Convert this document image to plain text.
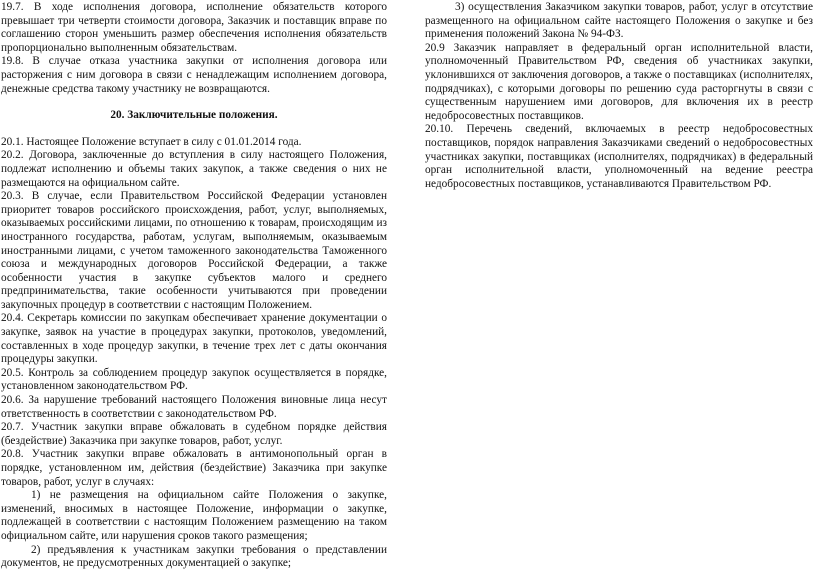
19.7. В ходе исполнения договора, исполнение обязательств которого превышает три четверти стоимости договора, Заказчик и поставщик вправе по соглашению сторон уменьшить размер обеспечения исполнения обязательств пропорционально выполненным обязательствам.

19.8. В случае отказа участника закупки от исполнения договора или расторжения с ним договора в связи с ненадлежащим исполнением договора, денежные средства такому участнику не возвращаются.

20. Заключительные положения.

20.1. Настоящее Положение вступает в силу с 01.01.2014 года.

20.2. Договора, заключенные до вступления в силу настоящего Положения, подлежат исполнению и объемы таких закупок, а также сведения о них не размещаются на официальном сайте.

20.3. В случае, если Правительством Российской Федерации установлен приоритет товаров российского происхождения, работ, услуг, выполняемых, оказываемых российскими лицами, по отношению к товарам, происходящим из иностранного государства, работам, услугам, выполняемым, оказываемым иностранными лицами, с учетом таможенного законодательства Таможенного союза и международных договоров Российской Федерации, а также особенности участия в закупке субъектов малого и среднего предпринимательства, такие особенности учитываются при проведении закупочных процедур в соответствии с настоящим Положением.

20.4. Секретарь комиссии по закупкам обеспечивает хранение документации о закупке, заявок на участие в процедурах закупки, протоколов, уведомлений, составленных в ходе процедур закупки, в течение трех лет с даты окончания процедуры закупки.

20.5. Контроль за соблюдением процедур закупок осуществляется в порядке, установленном законодательством РФ.

20.6. За нарушение требований настоящего Положения виновные лица несут ответственность в соответствии с законодательством РФ.

20.7. Участник закупки вправе обжаловать в судебном порядке действия (бездействие) Заказчика при закупке товаров, работ, услуг.

20.8. Участник закупки вправе обжаловать в антимонопольный орган в порядке, установленном им, действия (бездействие) Заказчика при закупке товаров, работ, услуг в случаях:

1) не размещения на официальном сайте Положения о закупке, изменений, вносимых в настоящее Положение, информации о закупке, подлежащей в соответствии с настоящим Положением размещению на таком официальном сайте, или нарушения сроков такого размещения;

2) предъявления к участникам закупки требования о представлении документов, не предусмотренных документацией о закупке;

3) осуществления Заказчиком закупки товаров, работ, услуг в отсутствие размещенного на официальном сайте настоящего Положения о закупке и без применения положений Закона № 94-ФЗ.

20.9 Заказчик направляет в федеральный орган исполнительной власти, уполномоченный Правительством РФ, сведения об участниках закупки, уклонившихся от заключения договоров, а также о поставщиках (исполнителях, подрядчиках), с которыми договоры по решению суда расторгнуты в связи с существенным нарушением ими договоров, для включения их в реестр недобросовестных поставщиков.

20.10. Перечень сведений, включаемых в реестр недобросовестных поставщиков, порядок направления Заказчиками сведений о недобросовестных участниках закупки, поставщиках (исполнителях, подрядчиках) в федеральный орган исполнительной власти, уполномоченный на ведение реестра недобросовестных поставщиков, устанавливаются Правительством РФ.
